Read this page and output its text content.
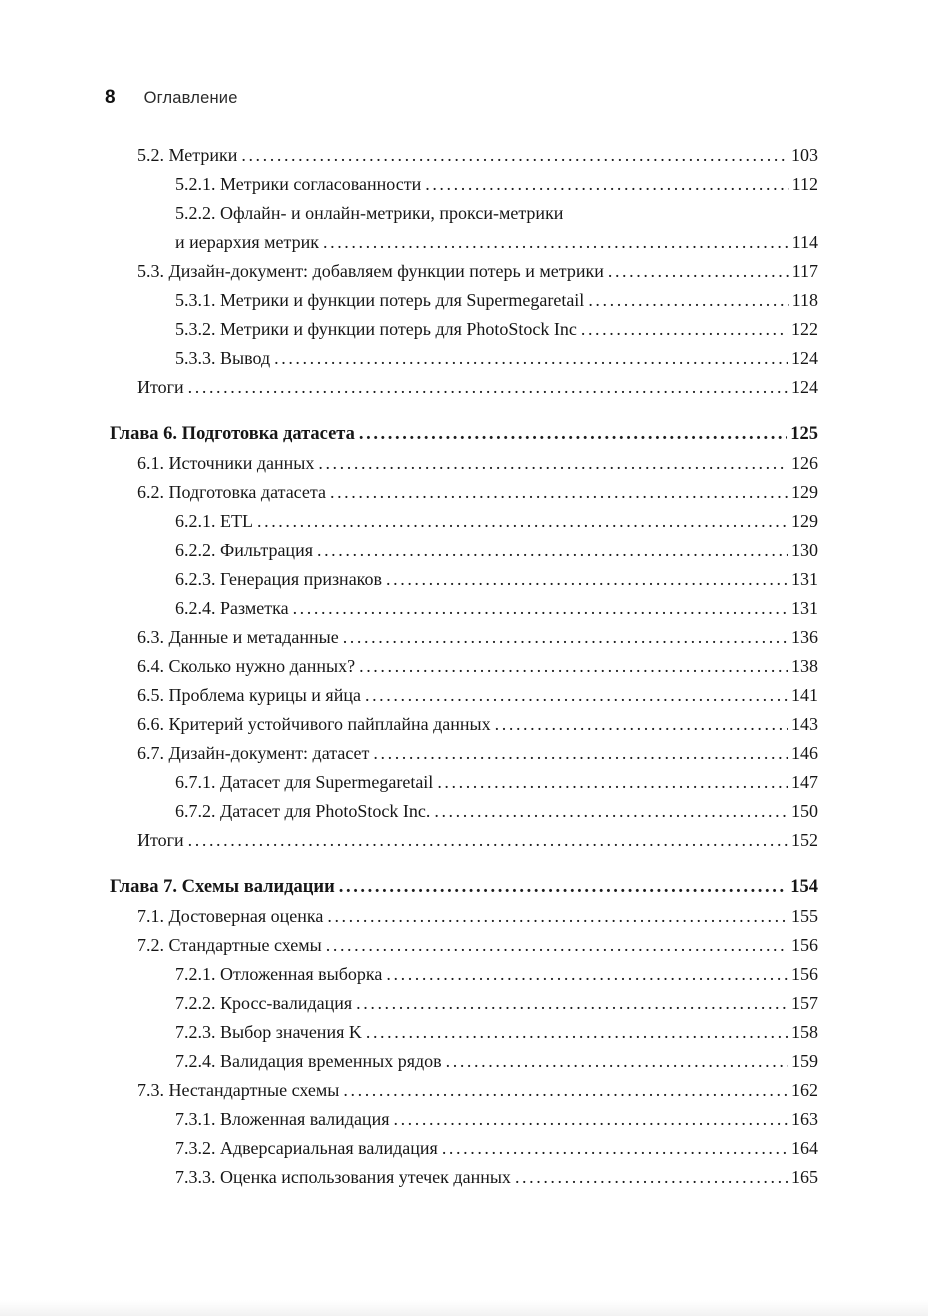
8 Оглавление
5.2. Метрики .....	103
5.2.1. Метрики согласованности .....	112
5.2.2. Офлайн- и онлайн-метрики, прокси-метрики
и иерархия метрик .....	114
5.3. Дизайн-документ: добавляем функции потерь и метрики .....	117
5.3.1. Метрики и функции потерь для Supermegaretail .....	118
5.3.2. Метрики и функции потерь для PhotoStock Inc .....	122
5.3.3. Вывод .....	124
Итоги .....	124
Глава 6. Подготовка датасета .....	125
6.1. Источники данных .....	126
6.2. Подготовка датасета .....	129
6.2.1. ETL .....	129
6.2.2. Фильтрация .....	130
6.2.3. Генерация признаков .....	131
6.2.4. Разметка .....	131
6.3. Данные и метаданные .....	136
6.4. Сколько нужно данных? .....	138
6.5. Проблема курицы и яйца .....	141
6.6. Критерий устойчивого пайплайна данных .....	143
6.7. Дизайн-документ: датасет .....	146
6.7.1. Датасет для Supermegaretail .....	147
6.7.2. Датасет для PhotoStock Inc. .....	150
Итоги .....	152
Глава 7. Схемы валидации .....	154
7.1. Достоверная оценка .....	155
7.2. Стандартные схемы .....	156
7.2.1. Отложенная выборка .....	156
7.2.2. Кросс-валидация .....	157
7.2.3. Выбор значения K .....	158
7.2.4. Валидация временных рядов .....	159
7.3. Нестандартные схемы .....	162
7.3.1. Вложенная валидация .....	163
7.3.2. Адверсариальная валидация .....	164
7.3.3. Оценка использования утечек данных .....	165
